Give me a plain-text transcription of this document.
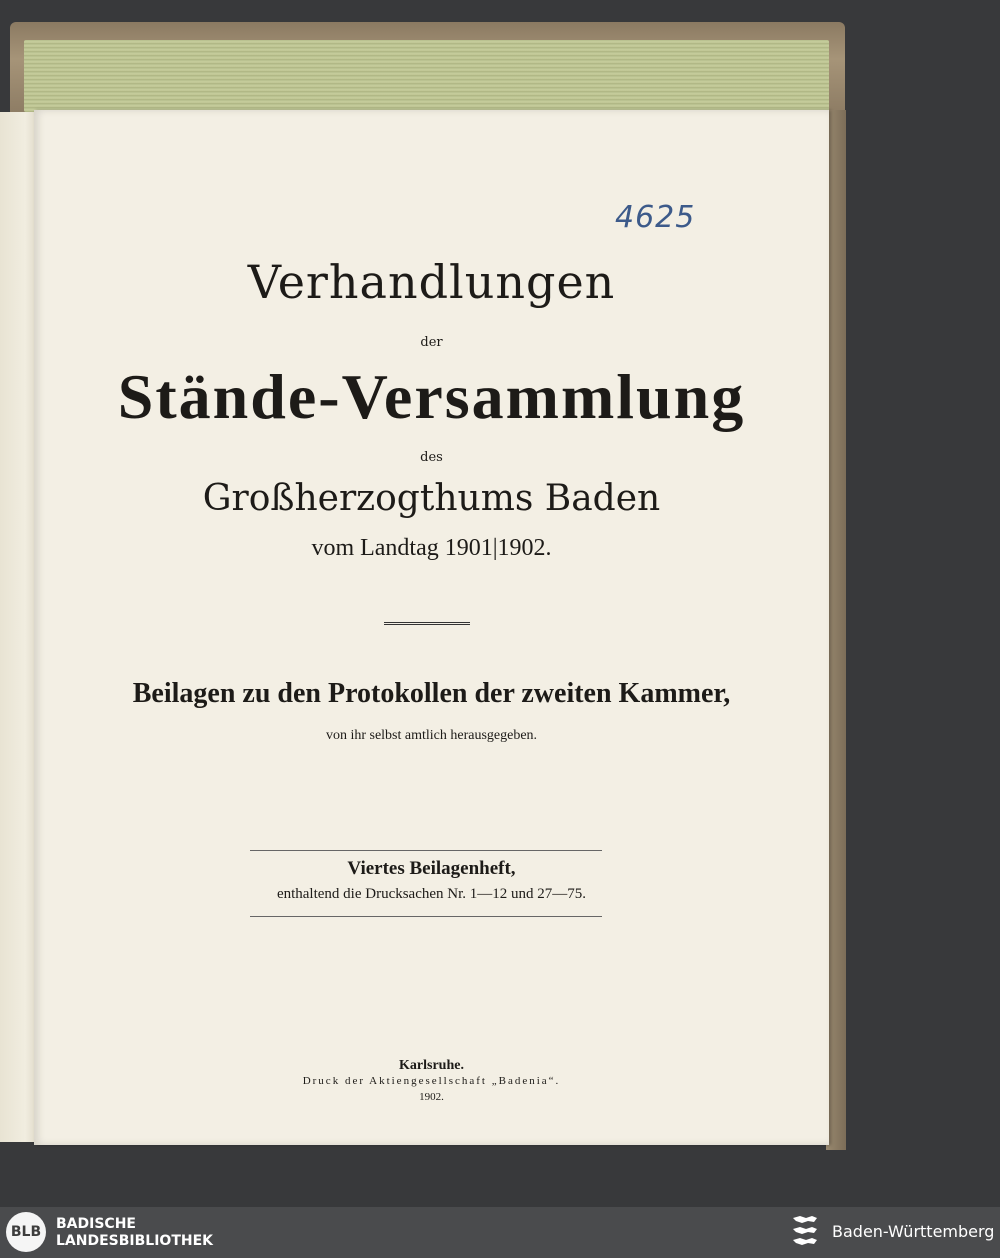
4625
Verhandlungen
der
Stände-Versammlung
des
Großherzogthums Baden
vom Landtag 1901|1902.
Beilagen zu den Protokollen der zweiten Kammer,
von ihr selbst amtlich herausgegeben.
Viertes Beilagenheft,
enthaltend die Drucksachen Nr. 1—12 und 27—75.
Karlsruhe.
Druck der Aktiengesellschaft „Badenia“.
1902.
BLB	BADISCHE
LANDESBIBLIOTHEK	Baden-Württemberg
